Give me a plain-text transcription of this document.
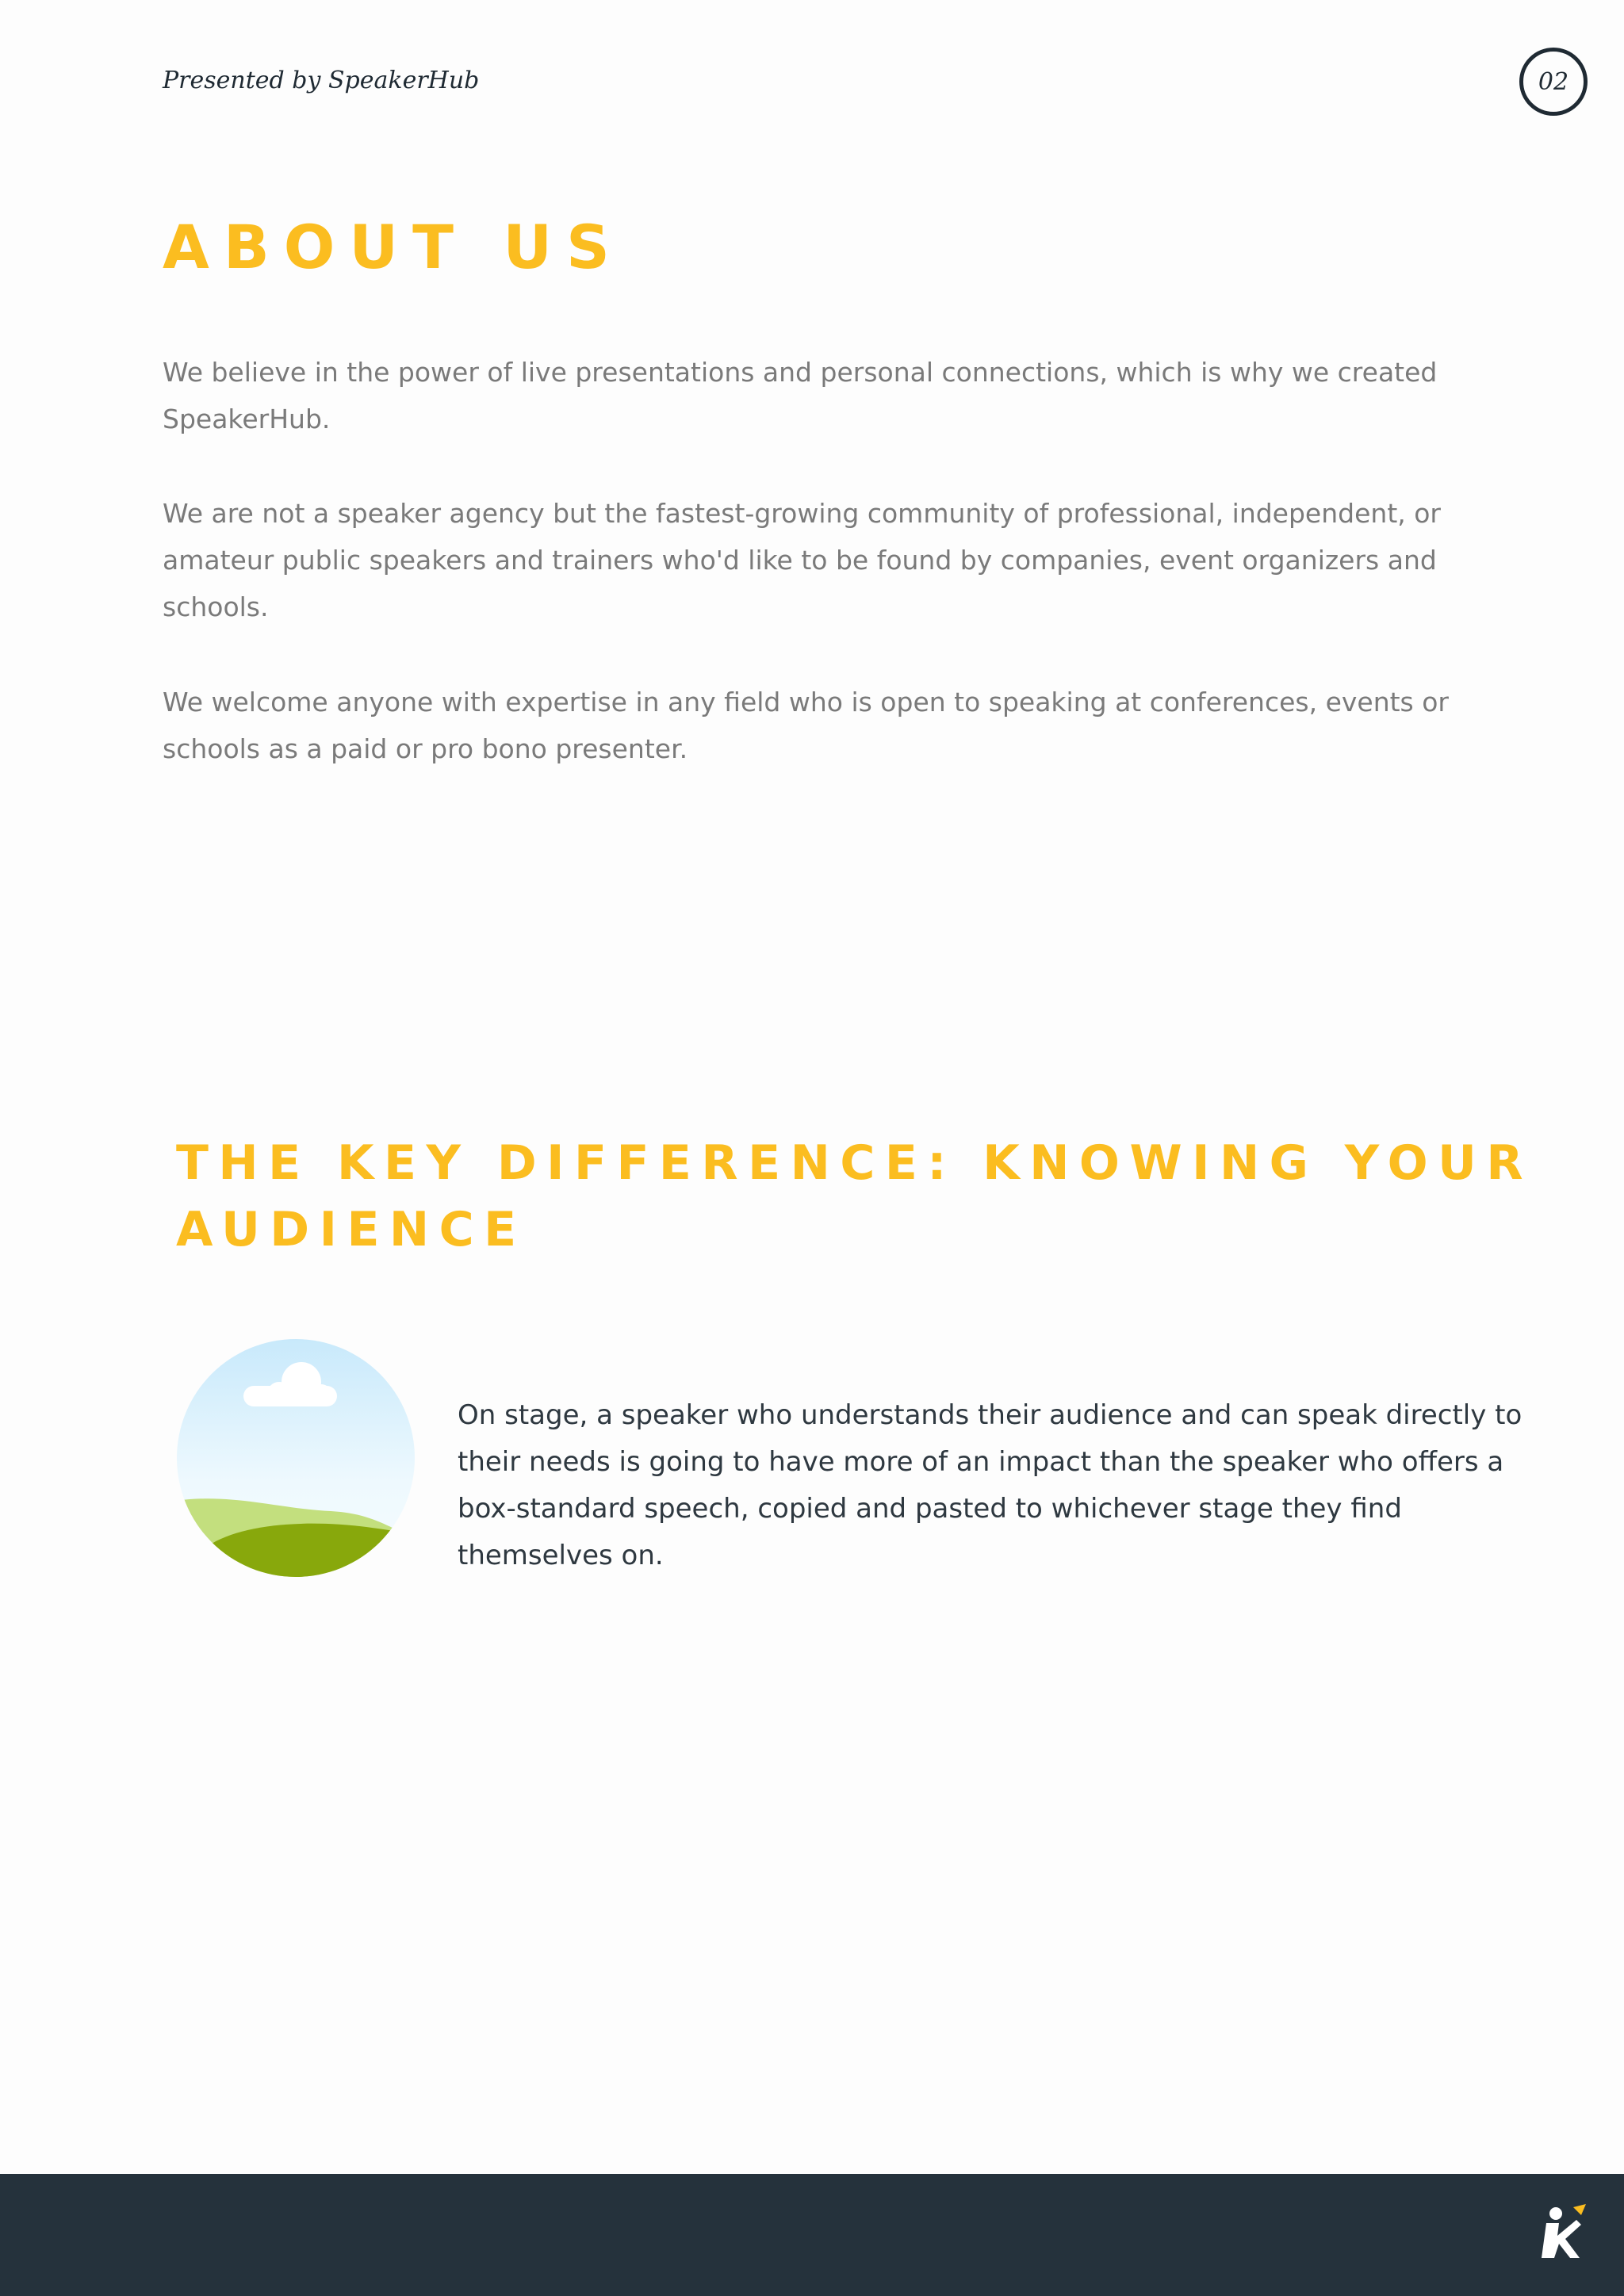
Presented by SpeakerHub	02
ABOUT US

We believe in the power of live presentations and personal connections, which is why we created SpeakerHub.

We are not a speaker agency but the fastest-growing community of professional, independent, or amateur public speakers and trainers who'd like to be found by companies, event organizers and schools.

We welcome anyone with expertise in any field who is open to speaking at conferences, events or schools as a paid or pro bono presenter.

THE KEY DIFFERENCE: KNOWING YOUR AUDIENCE

On stage, a speaker who understands their audience and can speak directly to their needs is going to have more of an impact than the speaker who offers a box-standard speech, copied and pasted to whichever stage they find themselves on.
